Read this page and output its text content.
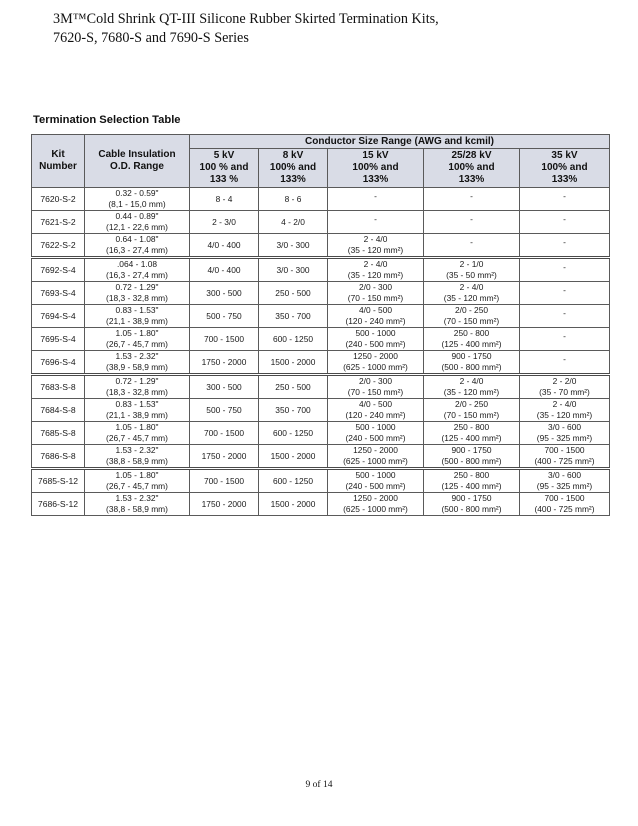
3M™Cold Shrink QT-III Silicone Rubber Skirted Termination Kits,
7620-S, 7680-S and 7690-S Series
Termination Selection Table
Kit
Number	Cable Insulation
O.D. Range	Conductor Size Range (AWG and kcmil)				

		5 kV
100 % and
133 %	8 kV
100% and
133%	15 kV
100% and
133%	25/28 kV
100% and
133%	35 kV
100% and
133%

7620-S-2	0.32 - 0.59"
(8,1 - 15,0 mm)	8 - 4	8 - 6	-	-	-
7621-S-2	0.44 - 0.89"
(12,1 - 22,6 mm)	2 - 3/0	4 - 2/0	-	-	-
7622-S-2	0.64 - 1.08"
(16,3 - 27,4 mm)	4/0 - 400	3/0 - 300	2 - 4/0
(35 - 120 mm²)	-	-
7692-S-4	.064 - 1.08
(16,3 - 27,4 mm)	4/0 - 400	3/0 - 300	2 - 4/0
(35 - 120 mm²)	2 - 1/0
(35 - 50 mm²)	-
7693-S-4	0.72 - 1.29"
(18,3 - 32,8 mm)	300 - 500	250 - 500	2/0 - 300
(70 - 150 mm²)	2 - 4/0
(35 - 120 mm²)	-
7694-S-4	0.83 - 1.53"
(21,1 - 38,9 mm)	500 - 750	350 - 700	4/0 - 500
(120 - 240 mm²)	2/0 - 250
(70 - 150 mm²)	-
7695-S-4	1.05 - 1.80"
(26,7 - 45,7 mm)	700 - 1500	600 - 1250	500 - 1000
(240 - 500 mm²)	250 - 800
(125 - 400 mm²)	-
7696-S-4	1.53 - 2.32"
(38,9 - 58,9 mm)	1750 - 2000	1500 - 2000	1250 - 2000
(625 - 1000 mm²)	900 - 1750
(500 - 800 mm²)	-
7683-S-8	0.72 - 1.29"
(18,3 - 32,8 mm)	300 - 500	250 - 500	2/0 - 300
(70 - 150 mm²)	2 - 4/0
(35 - 120 mm²)	2 - 2/0
(35 - 70 mm²)

7684-S-8	0.83 - 1.53"
(21,1 - 38,9 mm)	500 - 750	350 - 700	4/0 - 500
(120 - 240 mm²)	2/0 - 250
(70 - 150 mm²)	2 - 4/0
(35 - 120 mm²)

7685-S-8	1.05 - 1.80"
(26,7 - 45,7 mm)	700 - 1500	600 - 1250	500 - 1000
(240 - 500 mm²)	250 - 800
(125 - 400 mm²)	3/0 - 600
(95 - 325 mm²)

7686-S-8	1.53 - 2.32"
(38,8 - 58,9 mm)	1750 - 2000	1500 - 2000	1250 - 2000
(625 - 1000 mm²)	900 - 1750
(500 - 800 mm²)	700 - 1500
(400 - 725 mm²)

7685-S-12	1.05 - 1.80"
(26,7 - 45,7 mm)	700 - 1500	600 - 1250	500 - 1000
(240 - 500 mm²)	250 - 800
(125 - 400 mm²)	3/0 - 600
(95 - 325 mm²)

7686-S-12	1.53 - 2.32"
(38,8 - 58,9 mm)	1750 - 2000	1500 - 2000	1250 - 2000
(625 - 1000 mm²)	900 - 1750
(500 - 800 mm²)	700 - 1500
(400 - 725 mm²)
9 of 14
